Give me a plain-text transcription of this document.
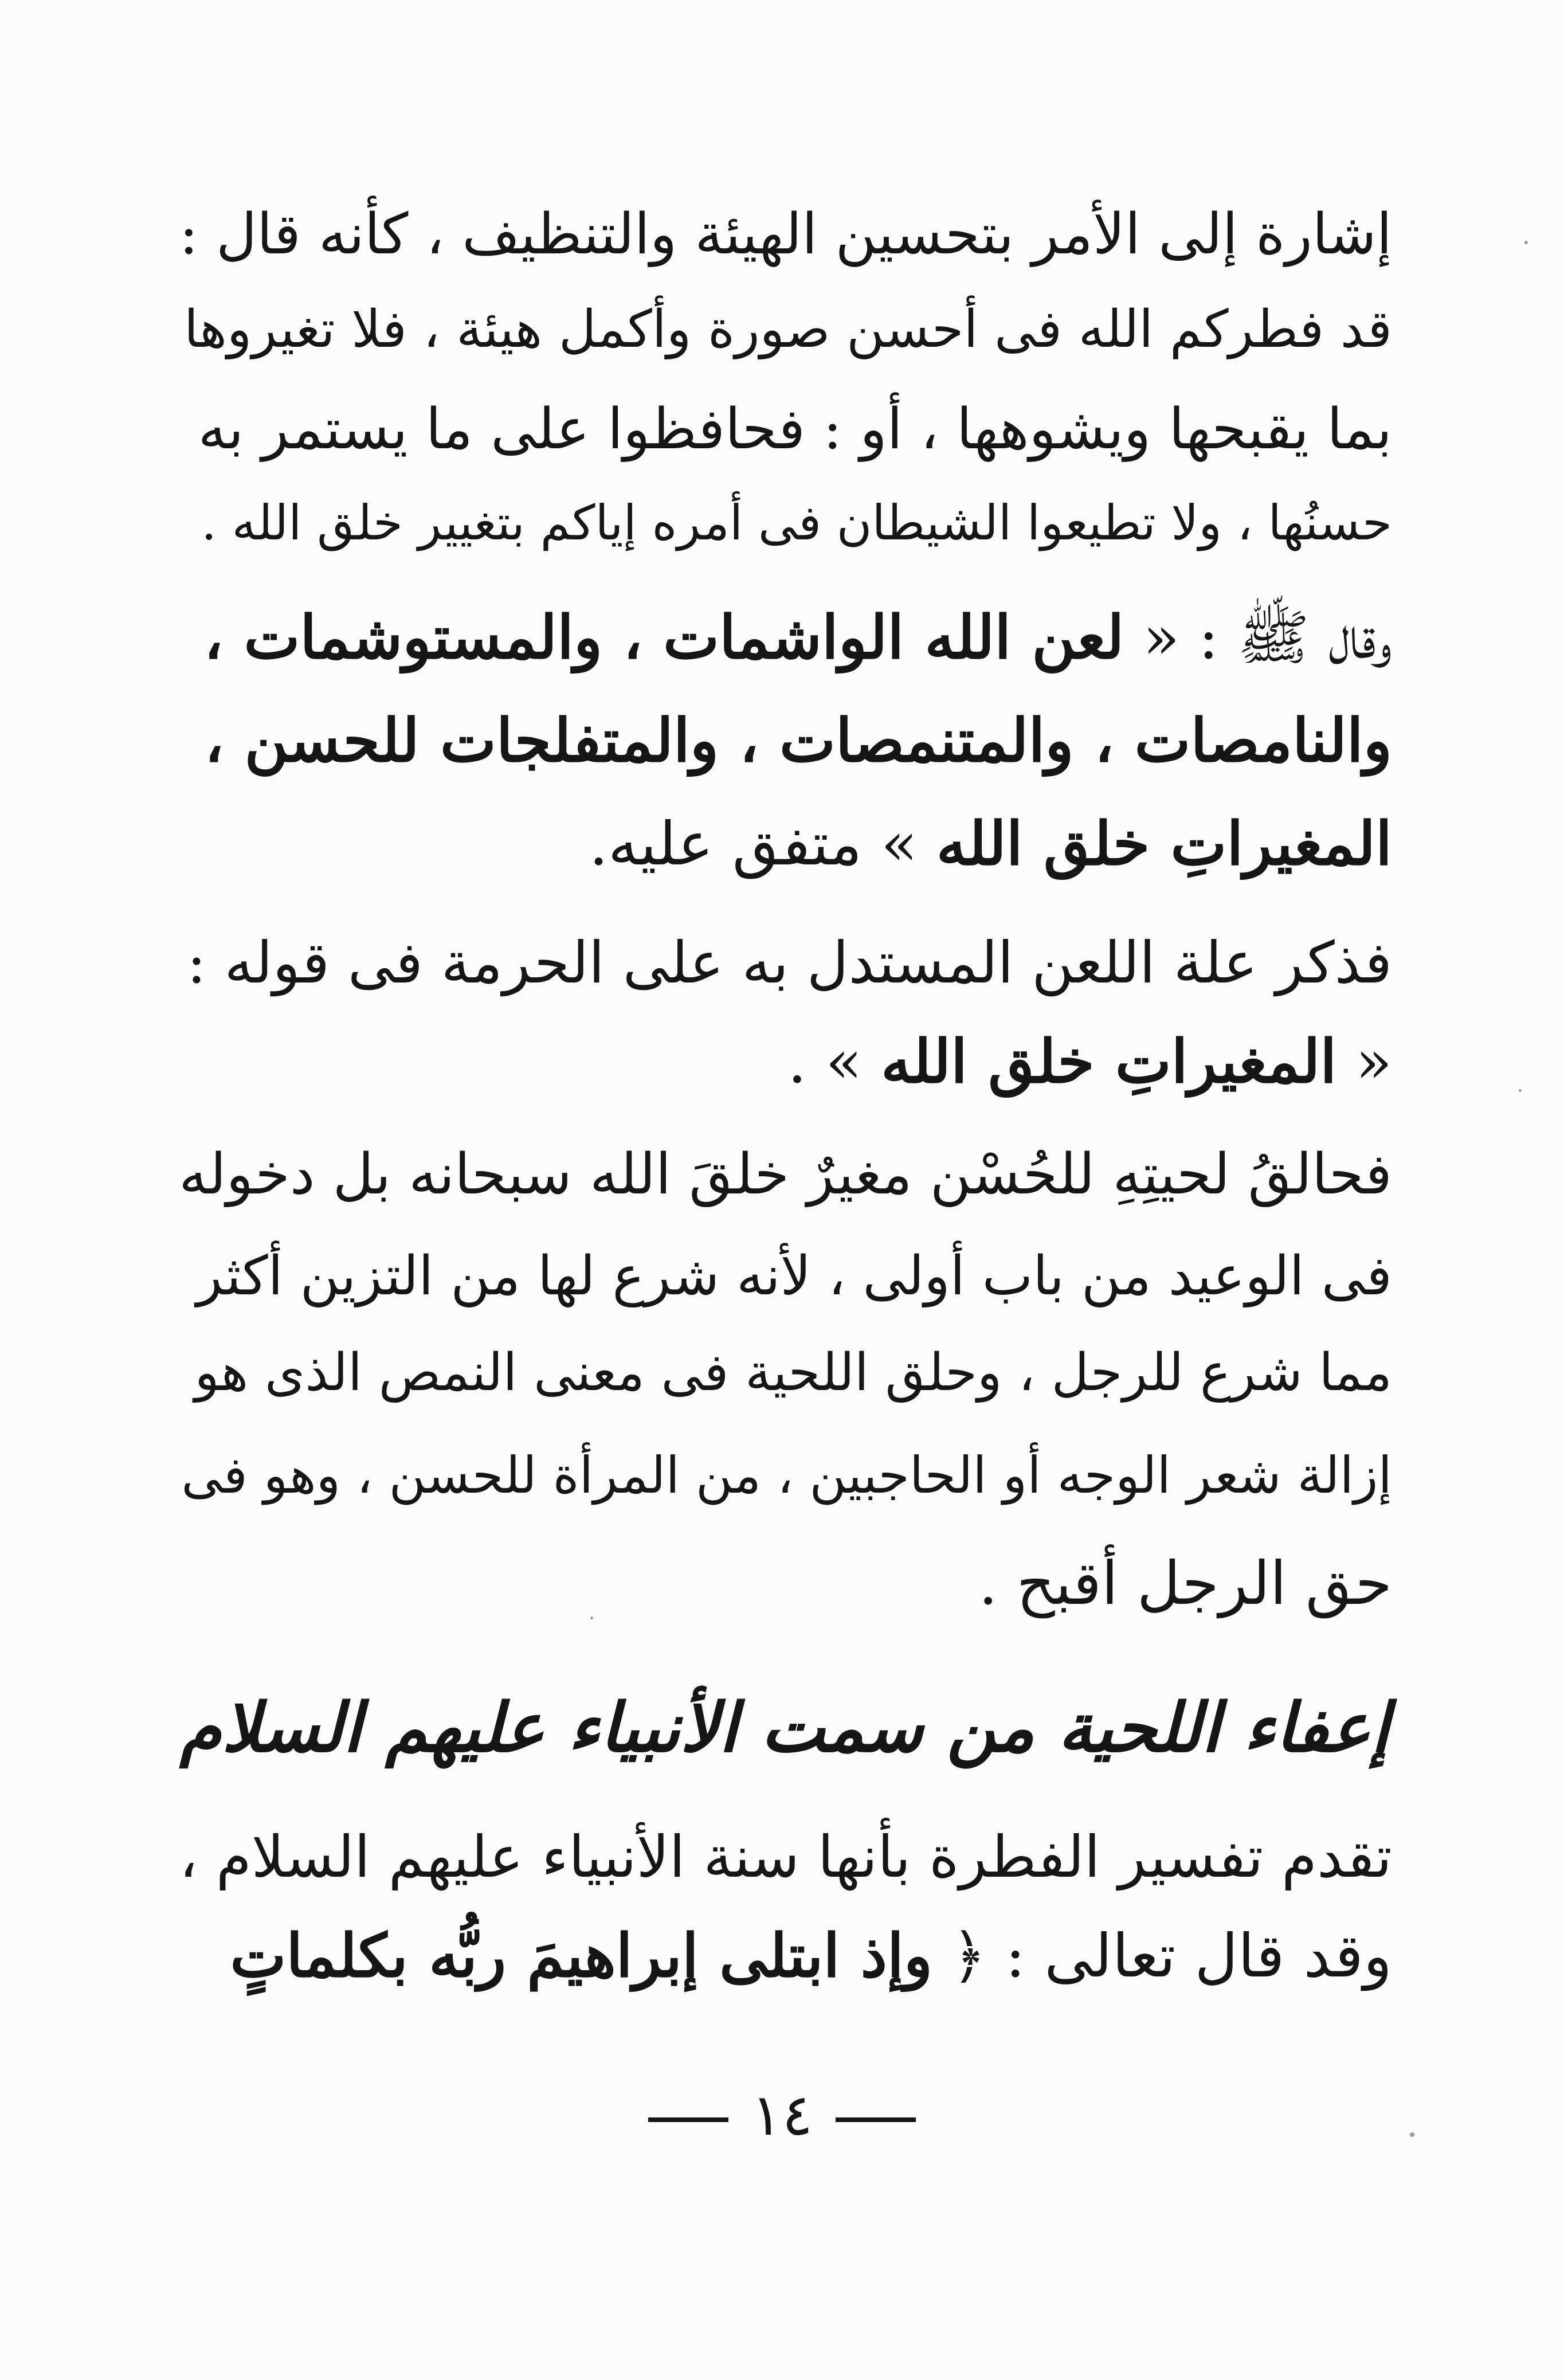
إشارة إلى الأمر بتحسين الهيئة والتنظيف ، كأنه قال :
قد فطركم الله فى أحسن صورة وأكمل هيئة ، فلا تغيروها
بما يقبحها ويشوهها ، أو : فحافظوا على ما يستمر به
حسنُها ، ولا تطيعوا الشيطان فى أمره إياكم بتغيير خلق الله .
وقال ﷺ : « لعن الله الواشمات ، والمستوشمات ،
والنامصات ، والمتنمصات ، والمتفلجات للحسن ،
المغيراتِ خلق الله » متفق عليه.
فذكر علة اللعن المستدل به على الحرمة فى قوله :
« المغيراتِ خلق الله » .
فحالقُ لحيتِهِ للحُسْن مغيرٌ خلقَ الله سبحانه بل دخوله
فى الوعيد من باب أولى ، لأنه شرع لها من التزين أكثر
مما شرع للرجل ، وحلق اللحية فى معنى النمص الذى هو
إزالة شعر الوجه أو الحاجبين ، من المرأة للحسن ، وهو فى
حق الرجل أقبح .
إعفاء اللحية من سمت الأنبياء عليهم السلام
تقدم تفسير الفطرة بأنها سنة الأنبياء عليهم السلام ،
وقد قال تعالى : ﴿ وإذ ابتلى إبراهيمَ ربُّه بكلماتٍ
١٤
